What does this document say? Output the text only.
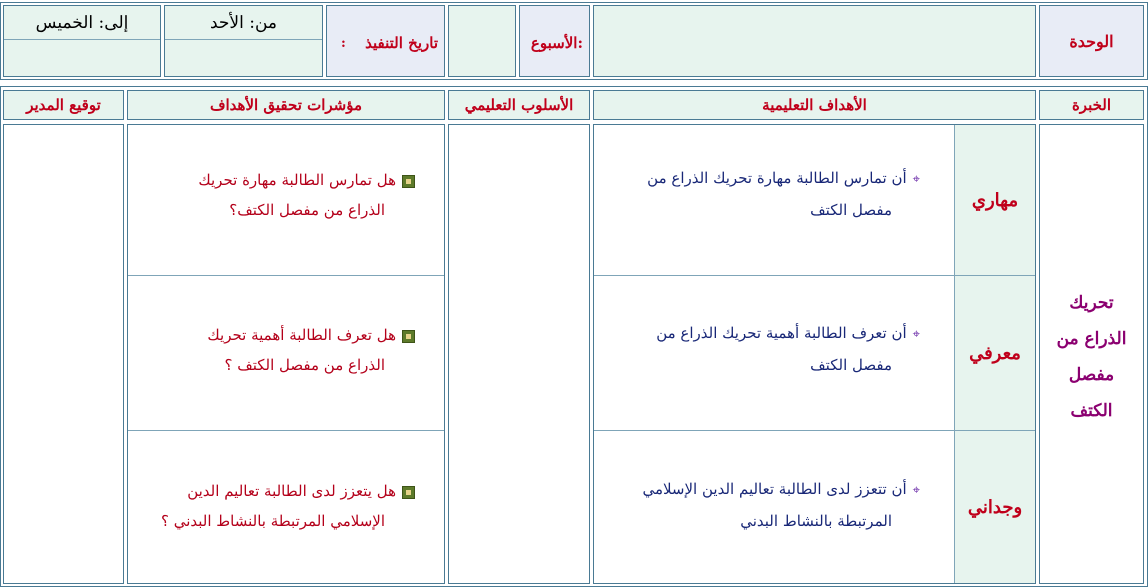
الوحدة
الأسبوع:
تاريخ التنفيذ
:
من: الأحد
إلى: الخميس
الخبرة
الأهداف التعليمية
الأسلوب التعليمي
مؤشرات تحقيق الأهداف
توقيع المدير
تحريك
الذراع من
مفصل
الكتف
مهاري
معرفي
وجداني
⌖أن تمارس الطالبة مهارة تحريك الذراع من
مفصل الكتف
⌖أن تعرف الطالبة أهمية تحريك الذراع من
مفصل الكتف
⌖أن تتعزز لدى الطالبة تعاليم الدين الإسلامي
المرتبطة بالنشاط البدني
هل تمارس الطالبة مهارة تحريك
الذراع من مفصل الكتف؟
هل تعرف الطالبة أهمية تحريك
الذراع من مفصل الكتف ؟
هل يتعزز لدى الطالبة تعاليم الدين
الإسلامي المرتبطة بالنشاط البدني ؟
